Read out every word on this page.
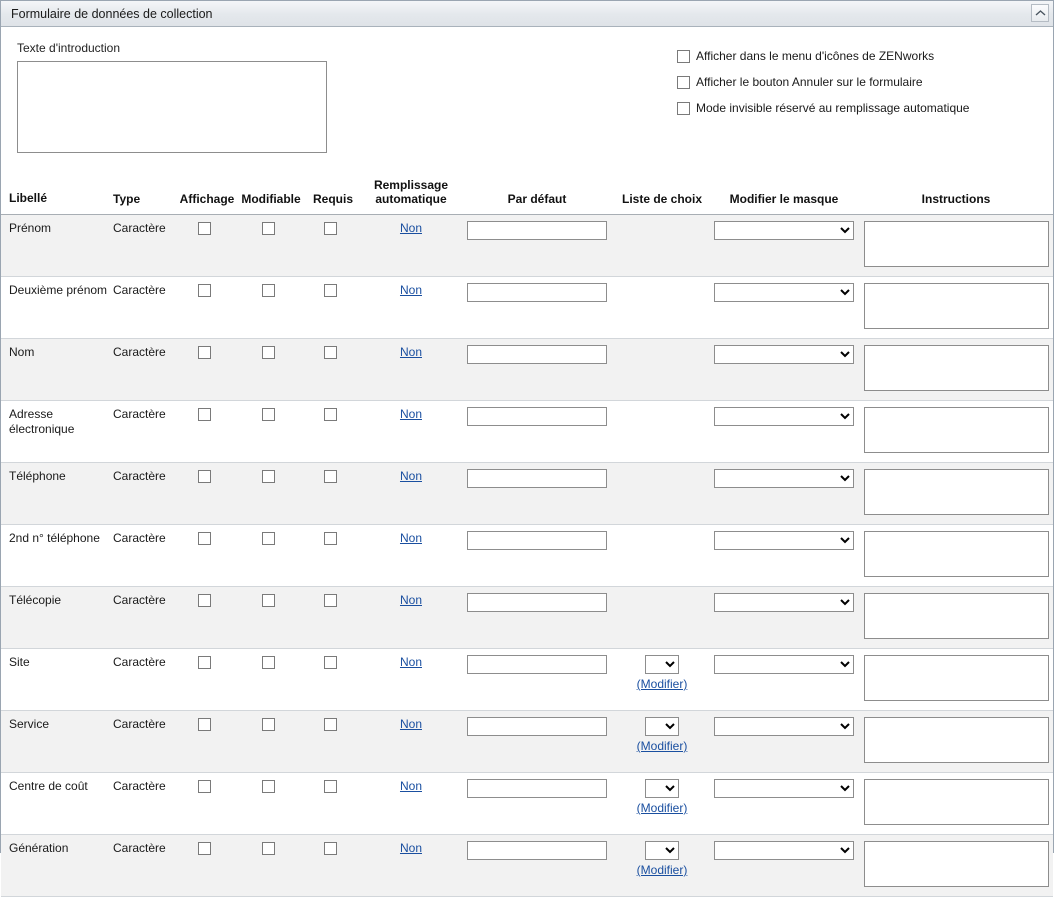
Formulaire de données de collection
Texte d'introduction
Afficher dans le menu d'icônes de ZENworks
Afficher le bouton Annuler sur le formulaire
Mode invisible réservé au remplissage automatique
Libellé	Type	Affichage	Modifiable	Requis	Remplissage automatique	Par défaut	Liste de choix	Modifier le masque	Instructions
Prénom	Caractère				Non				
Deuxième prénom	Caractère				Non				
Nom	Caractère				Non				
Adresse électronique	Caractère				Non				
Téléphone	Caractère				Non				
2nd n° téléphone	Caractère				Non				
Télécopie	Caractère				Non				
Site	Caractère				Non		(Modifier)

Service	Caractère				Non		(Modifier)

Centre de coût	Caractère				Non		(Modifier)

Génération	Caractère				Non		(Modifier)
